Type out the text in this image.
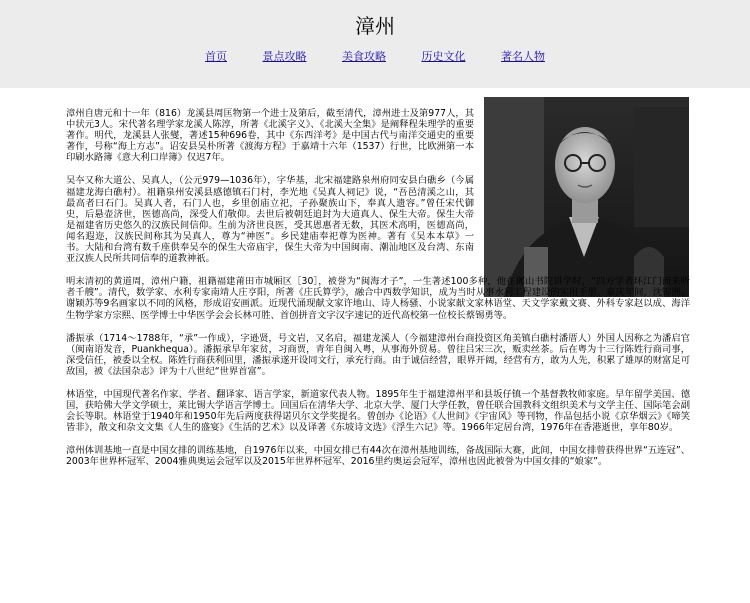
漳州
首页	景点攻略	美食攻略	历史文化	著名人物

漳州自唐元和十一年（816）龙溪县周匡物第一个进士及第后，截至清代，漳州进士及第977人，其中状元3人。宋代著名理学家龙溪人陈淳，所著《北溪字义》、《北溪大全集》是阐释程朱理学的重要著作。明代，龙溪县人张燮，著述15种696卷，其中《东西洋考》是中国古代与南洋交通史的重要著作，号称“海上方志”。诏安县吴朴所著《渡海方程》于嘉靖十六年（1537）行世，比欧洲第一本印刷水路簿《意大利口岸簿》仅迟7年。

吴夲又称大道公、吴真人，（公元979—1036年），字华基，北宋福建路泉州府同安县白礁乡（今属福建龙海白礁村）。祖籍泉州安溪县感德镇石门村，李光地《吴真人祠记》说，“吾邑清溪之山，其最高者曰石门。吴真人者，石门人也，乡里创庙立祀，子孙聚族山下，奉真人遗容。”曾任宋代御史，后悬壶济世，医德高尚，深受人们敬仰。去世后被朝廷追封为大道真人、保生大帝。保生大帝是福建省历史悠久的汉族民间信仰。生前为济世良医，受其恩惠者无数，其医术高明，医德高尚，闻名遐迩，汉族民间称其为吴真人，尊为“神医”。乡民建庙奉祀尊为医神。著有《吴本本草》一书。大陆和台湾有数千座供奉吴夲的保生大帝庙宇，保生大帝为中国闽南、潮汕地区及台湾、东南亚汉族人民所共同信奉的道教神祇。

明末清初的黄道周，漳州户籍，祖籍福建莆田市城厢区［30］，被誉为“闽海才子”，一生著述100多种，他在邺山书院讲学时，“四方学者环江门而来听者千艘”。清代，数学家、水利专家南靖人庄亨阳，所著《庄氏算学》，融合中西数学知识，成为当时从事水利工程建设的实用手册。嘉庆年间，沈锦洲、谢颖苏等9名画家以不同的风格，形成诏安画派。近现代涌现献文家许地山、诗人杨骚、小说家献文家林语堂、天文学家戴文赛、外科专家赵以成、海洋生物学家方宗熙、医学博士中华医学会会长林可胜、首创拼音文字汉字速记的近代高校第一位校长蔡锡勇等。

潘振承（1714～1788年，“承”一作成），字逊贤，号文岩，又名启，福建龙溪人（今福建漳州台商投资区角美镇白礁村潘厝人）外国人因称之为潘启官（闽南语发音，Puankhequa）。潘振承早年家贫，习商贾，青年自闽入粤，从事海外贸易。曾往吕宋三次，贩卖丝茶。后在粤为十三行陈姓行商司事，深受信任，被委以全权。陈姓行商获利回里，潘振承遂开设同文行，承充行商。由于诚信经营，眼界开阔，经营有方，敢为人先，积累了雄厚的财富足可敌国，被《法国杂志》评为十八世纪“世界首富”。

林语堂，中国现代著名作家、学者、翻译家、语言学家，新道家代表人物。1895年生于福建漳州平和县坂仔镇一个基督教牧师家庭。早年留学美国、德国，获哈佛大学文学硕士，莱比锡大学语言学博士。回国后在清华大学、北京大学、厦门大学任教，曾任联合国教科文组织美术与文学主任、国际笔会副会长等职。林语堂于1940年和1950年先后两度获得诺贝尔文学奖提名。曾创办《论语》《人世间》《宇宙风》等刊物，作品包括小说《京华烟云》《啼笑皆非》，散文和杂文文集《人生的盛宴》《生活的艺术》以及译著《东坡诗文选》《浮生六记》等。1966年定居台湾，1976年在香港逝世，享年80岁。

漳州体训基地一直是中国女排的训练基地，自1976年以来，中国女排已有44次在漳州基地训练，备战国际大赛，此间，中国女排曾获得世界“五连冠”、2003年世界杯冠军、2004雅典奥运会冠军以及2015年世界杯冠军、2016里约奥运会冠军，漳州也因此被誉为中国女排的“娘家”。
